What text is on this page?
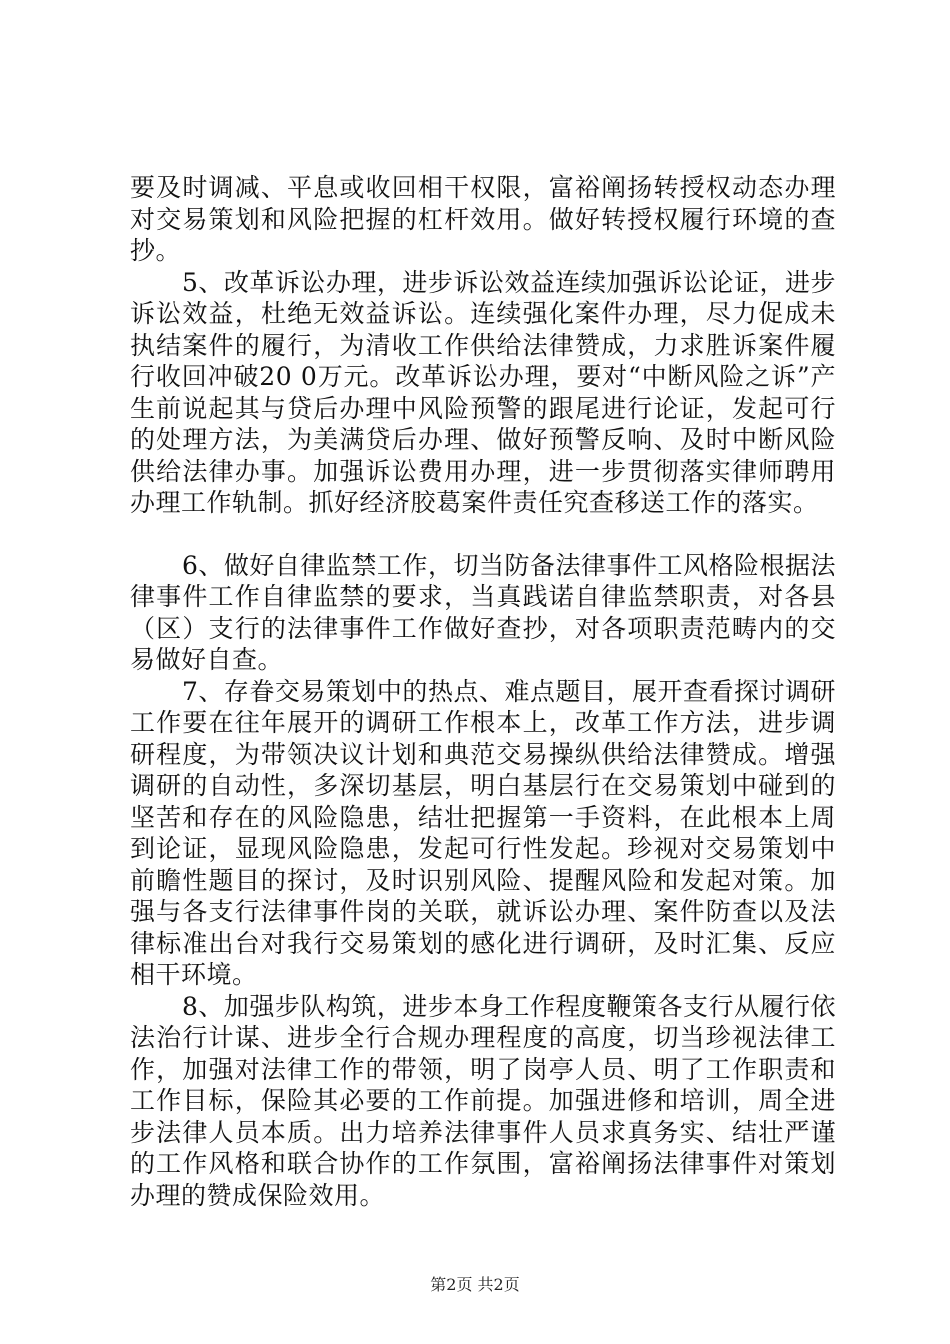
要及时调减、平息或收回相干权限，富裕阐扬转授权动态办理对交易策划和风险把握的杠杆效用。做好转授权履行环境的查抄。

5、改革诉讼办理，进步诉讼效益连续加强诉讼论证，进步诉讼效益，杜绝无效益诉讼。连续强化案件办理，尽力促成未执结案件的履行，为清收工作供给法律赞成，力求胜诉案件履行收回冲破20 0万元。改革诉讼办理，要对“中断风险之诉”产生前说起其与贷后办理中风险预警的跟尾进行论证，发起可行的处理方法，为美满贷后办理、做好预警反响、及时中断风险供给法律办事。加强诉讼费用办理，进一步贯彻落实律师聘用办理工作轨制。抓好经济胶葛案件责任究查移送工作的落实。

6、做好自律监禁工作，切当防备法律事件工风格险根据法律事件工作自律监禁的要求，当真践诺自律监禁职责，对各县（区）支行的法律事件工作做好查抄，对各项职责范畴内的交易做好自查。

7、存眷交易策划中的热点、难点题目，展开查看探讨调研工作要在往年展开的调研工作根本上，改革工作方法，进步调研程度，为带领决议计划和典范交易操纵供给法律赞成。增强调研的自动性，多深切基层，明白基层行在交易策划中碰到的坚苦和存在的风险隐患，结壮把握第一手资料，在此根本上周到论证，显现风险隐患，发起可行性发起。珍视对交易策划中前瞻性题目的探讨，及时识别风险、提醒风险和发起对策。加强与各支行法律事件岗的关联，就诉讼办理、案件防查以及法律标准出台对我行交易策划的感化进行调研，及时汇集、反应相干环境。

8、加强步队构筑，进步本身工作程度鞭策各支行从履行依法治行计谋、进步全行合规办理程度的高度，切当珍视法律工作，加强对法律工作的带领，明了岗亭人员、明了工作职责和工作目标，保险其必要的工作前提。加强进修和培训，周全进步法律人员本质。出力培养法律事件人员求真务实、结壮严谨的工作风格和联合协作的工作氛围，富裕阐扬法律事件对策划办理的赞成保险效用。

第2页 共2页
